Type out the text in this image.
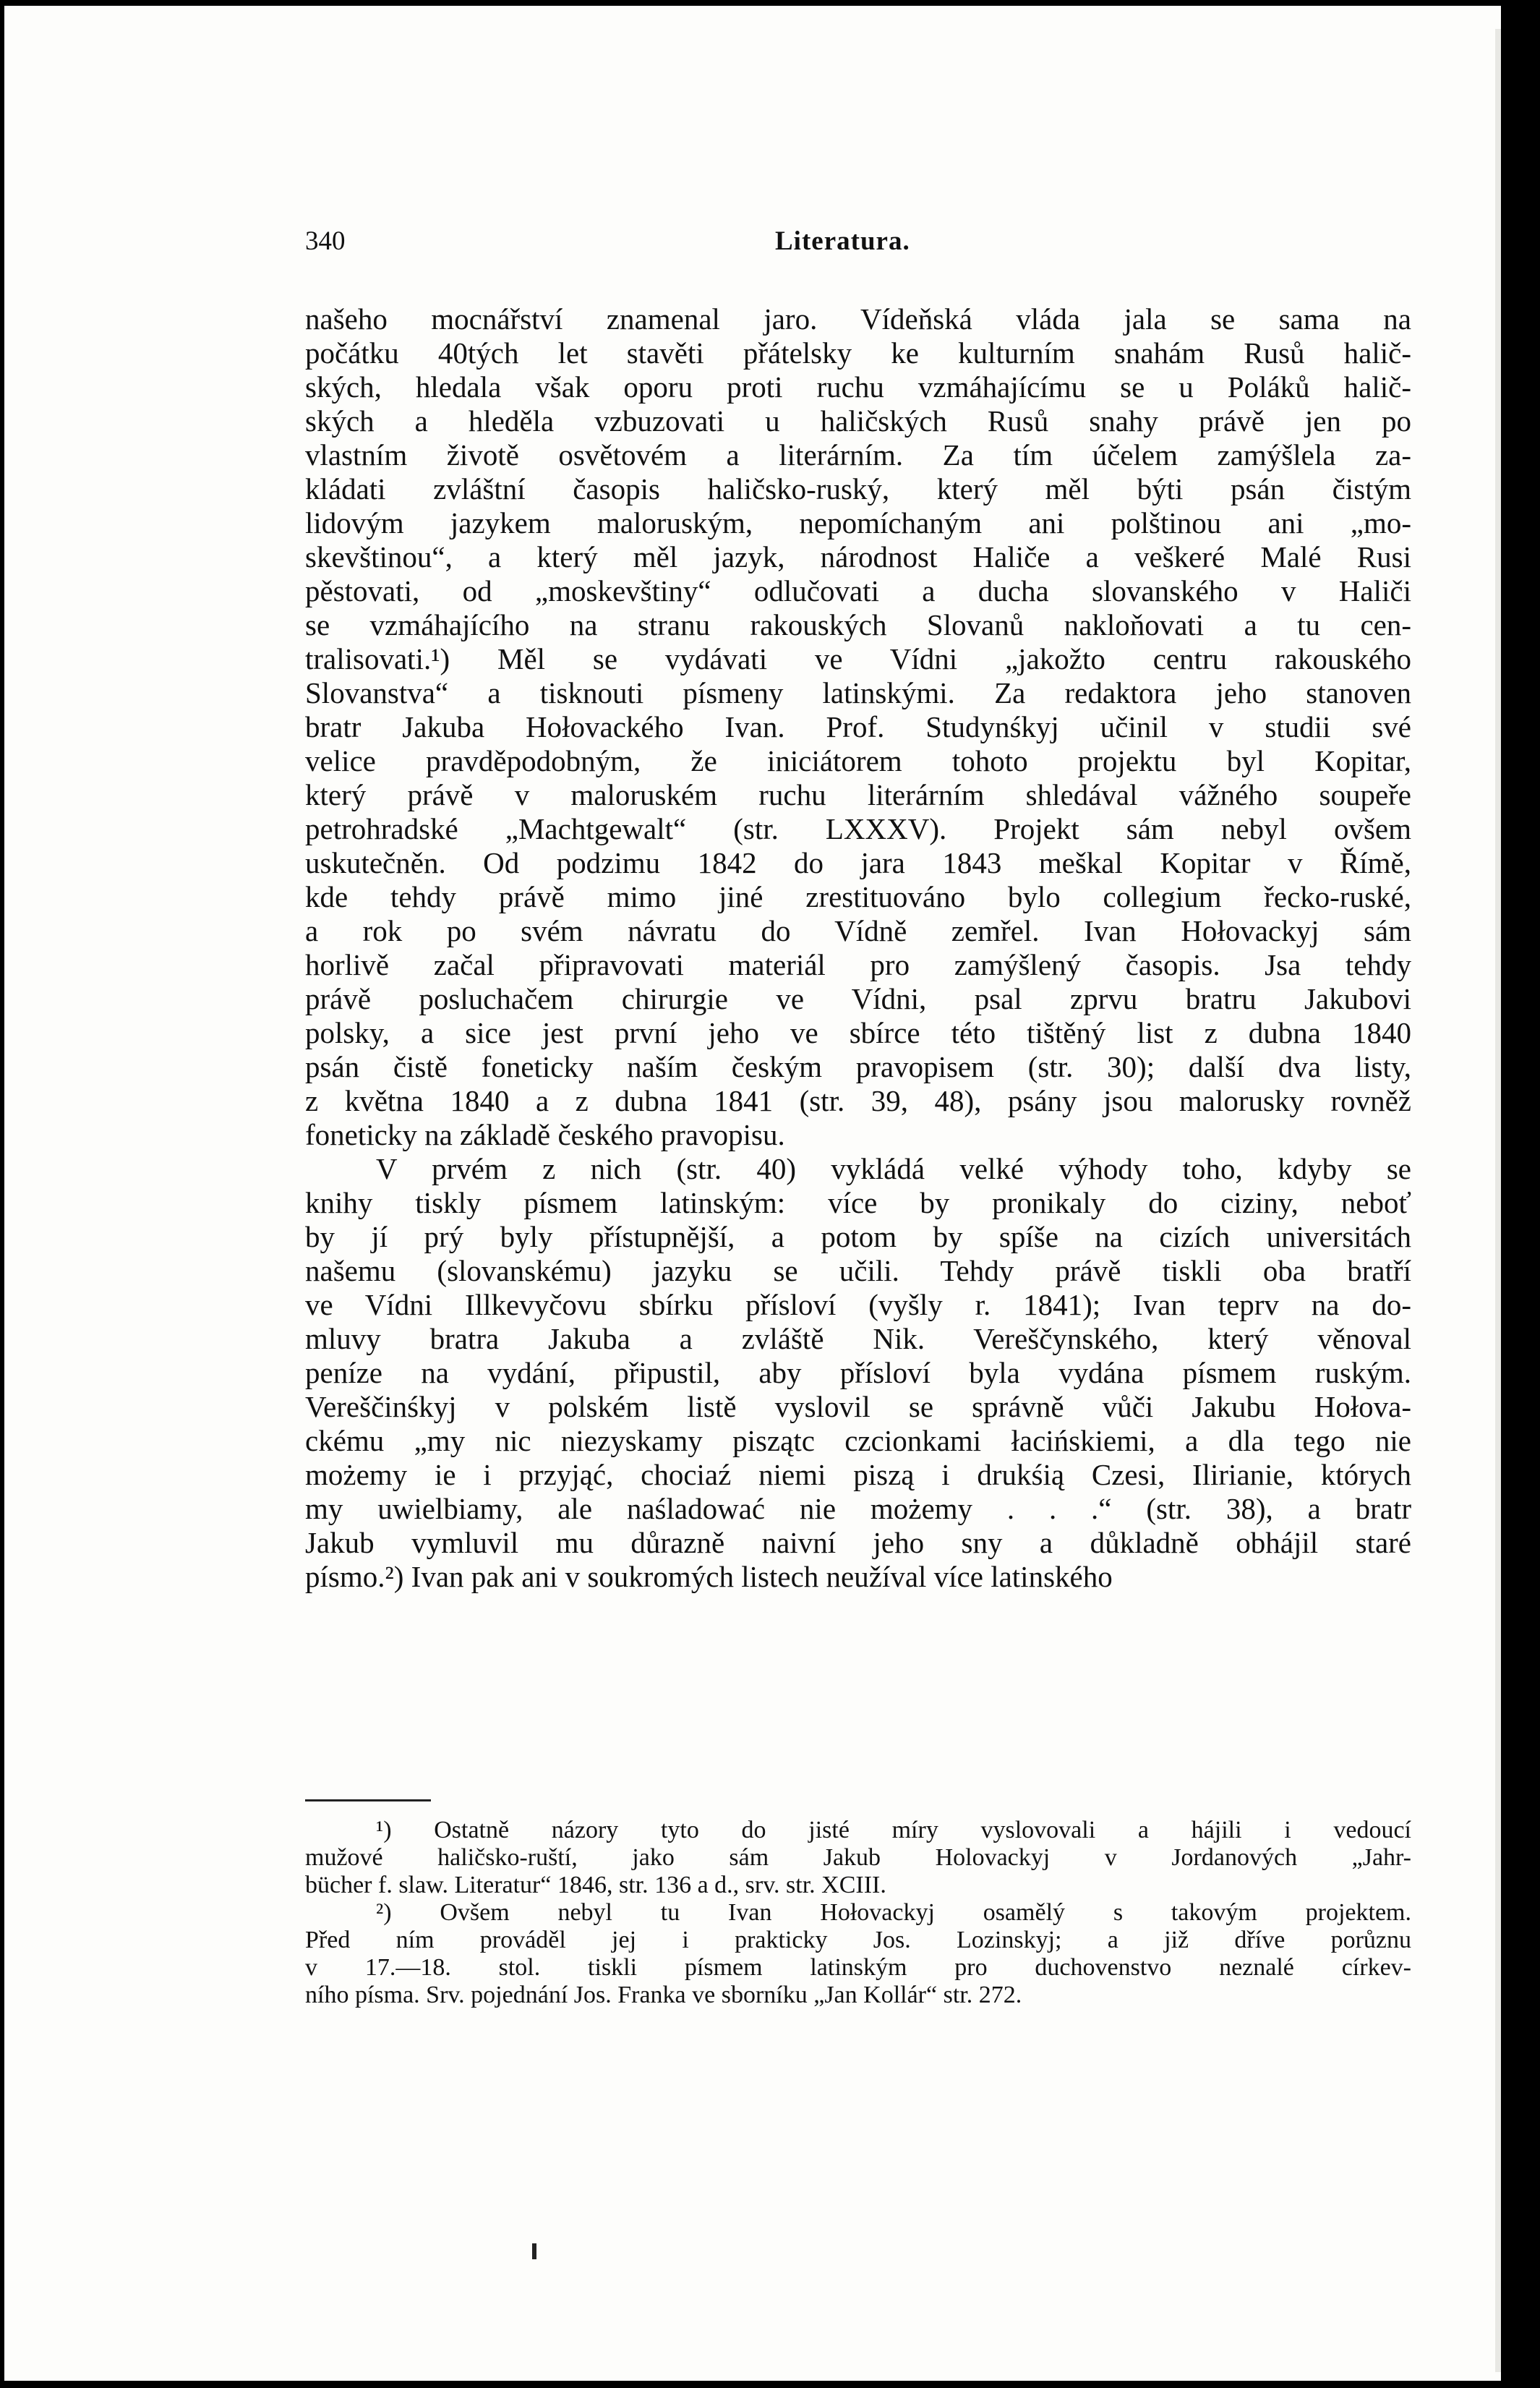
340	Literatura.
našeho mocnářství znamenal jaro. Vídeňská vláda jala se sama na
počátku 40tých let stavěti přátelsky ke kulturním snahám Rusů halič-
ských, hledala však oporu proti ruchu vzmáhajícímu se u Poláků halič-
ských a hleděla vzbuzovati u haličských Rusů snahy právě jen po
vlastním životě osvětovém a literárním. Za tím účelem zamýšlela za-
kládati zvláštní časopis haličsko-ruský, který měl býti psán čistým
lidovým jazykem maloruským, nepomíchaným ani polštinou ani „mo-
skevštinou“, a který měl jazyk, národnost Haliče a veškeré Malé Rusi
pěstovati, od „moskevštiny“ odlučovati a ducha slovanského v Haliči
se vzmáhajícího na stranu rakouských Slovanů nakloňovati a tu cen-
tralisovati.¹) Měl se vydávati ve Vídni „jakožto centru rakouského
Slovanstva“ a tisknouti písmeny latinskými. Za redaktora jeho stanoven
bratr Jakuba Hołovackého Ivan. Prof. Studynśkyj učinil v studii své
velice pravděpodobným, že iniciátorem tohoto projektu byl Kopitar,
který právě v maloruském ruchu literárním shledával vážného soupeře
petrohradské „Machtgewalt“ (str. LXXXV). Projekt sám nebyl ovšem
uskutečněn. Od podzimu 1842 do jara 1843 meškal Kopitar v Římě,
kde tehdy právě mimo jiné zrestituováno bylo collegium řecko-ruské,
a rok po svém návratu do Vídně zemřel. Ivan Hołovackyj sám
horlivě začal připravovati materiál pro zamýšlený časopis. Jsa tehdy
právě posluchačem chirurgie ve Vídni, psal zprvu bratru Jakubovi
polsky, a sice jest první jeho ve sbírce této tištěný list z dubna 1840
psán čistě foneticky naším českým pravopisem (str. 30); další dva listy,
z května 1840 a z dubna 1841 (str. 39, 48), psány jsou malorusky rovněž
foneticky na základě českého pravopisu.
V prvém z nich (str. 40) vykládá velké výhody toho, kdyby se
knihy tiskly písmem latinským: více by pronikaly do ciziny, neboť
by jí prý byly přístupnější, a potom by spíše na cizích universitách
našemu (slovanskému) jazyku se učili. Tehdy právě tiskli oba bratří
ve Vídni Illkevyčovu sbírku přísloví (vyšly r. 1841); Ivan teprv na do-
mluvy bratra Jakuba a zvláště Nik. Vereščynského, který věnoval
peníze na vydání, připustil, aby přísloví byla vydána písmem ruským.
Vereščinśkyj v polském listě vyslovil se správně vůči Jakubu Hołova-
ckému „my nic niezyskamy piszątc czcionkami łacińskiemi, a dla tego nie
możemy ie i przyjąć, chociaź niemi piszą i drukśią Czesi, Ilirianie, których
my uwielbiamy, ale naśladować nie możemy . . .“ (str. 38), a bratr
Jakub vymluvil mu důrazně naivní jeho sny a důkladně obhájil staré
písmo.²) Ivan pak ani v soukromých listech neužíval více latinského
¹) Ostatně názory tyto do jisté míry vyslovovali a hájili i vedoucí
mužové haličsko-ruští, jako sám Jakub Holovackyj v Jordanových „Jahr-
bücher f. slaw. Literatur“ 1846, str. 136 a d., srv. str. XCIII.
²) Ovšem nebyl tu Ivan Hołovackyj osamělý s takovým projektem.
Před ním prováděl jej i prakticky Jos. Lozinskyj; a již dříve porůznu
v 17.—18. stol. tiskli písmem latinským pro duchovenstvo neznalé církev-
ního písma. Srv. pojednání Jos. Franka ve sborníku „Jan Kollár“ str. 272.
